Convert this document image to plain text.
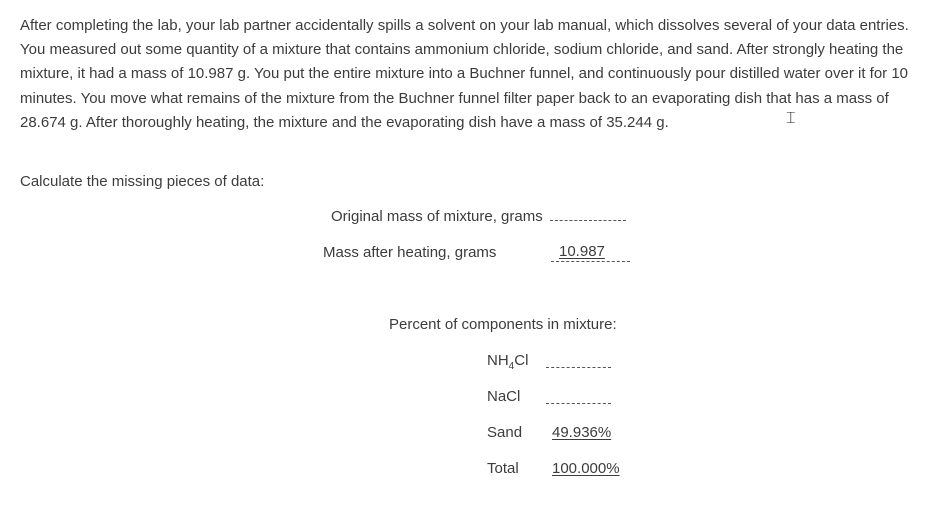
After completing the lab, your lab partner accidentally spills a solvent on your lab manual, which dissolves several of your data entries. You measured out some quantity of a mixture that contains ammonium chloride, sodium chloride, and sand. After strongly heating the mixture, it had a mass of 10.987 g. You put the entire mixture into a Buchner funnel, and continuously pour distilled water over it for 10 minutes. You move what remains of the mixture from the Buchner funnel filter paper back to an evaporating dish that has a mass of 28.674 g. After thoroughly heating, the mixture and the evaporating dish have a mass of 35.244 g.	⌶

Calculate the missing pieces of data:

Original mass of mixture, grams
Mass after heating, grams	10.987
Percent of components in mixture:
$NH_4Cl$
NaCl
Sand	49.936%
Total	100.000%
